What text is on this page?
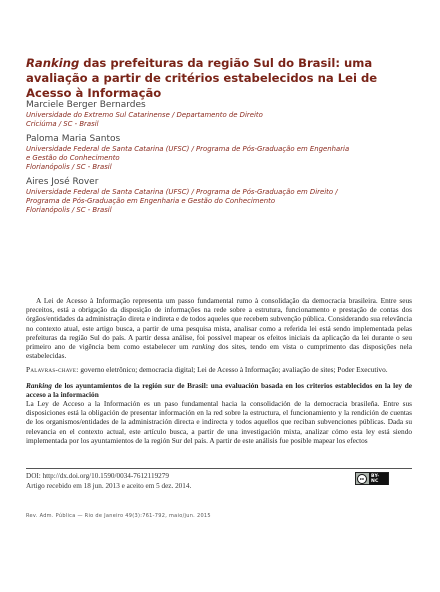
Ranking das prefeituras da região Sul do Brasil: uma avaliação a partir de critérios estabelecidos na Lei de Acesso à Informação
Marciele Berger Bernardes
Universidade do Extremo Sul Catarinense / Departamento de Direito
Criciúma / SC - Brasil
Paloma Maria Santos
Universidade Federal de Santa Catarina (UFSC) / Programa de Pós-Graduação em Engenharia
e Gestão do Conhecimento
Florianópolis / SC - Brasil
Aires José Rover
Universidade Federal de Santa Catarina (UFSC) / Programa de Pós-Graduação em Direito /
Programa de Pós-Graduação em Engenharia e Gestão do Conhecimento
Florianópolis / SC - Brasil

A Lei de Acesso à Informação representa um passo fundamental rumo à consolidação da democracia brasileira. Entre seus preceitos, está a obrigação da disposição de informações na rede sobre a estrutura, funcionamento e prestação de contas dos órgãos/entidades da administração direta e indireta e de todos aqueles que recebem subvenção pública. Considerando sua relevância no contexto atual, este artigo busca, a partir de uma pesquisa mista, analisar como a referida lei está sendo implementada pelas prefeituras da região Sul do país. A partir dessa análise, foi possível mapear os efeitos iniciais da aplicação da lei durante o seu primeiro ano de vigência bem como estabelecer um ranking dos sites, tendo em vista o cumprimento das disposições nela estabelecidas.

Palavras-chave: governo eletrônico; democracia digital; Lei de Acesso à Informação; avaliação de sites; Poder Executivo.

Ranking de los ayuntamientos de la región sur de Brasil: una evaluación basada en los criterios establecidos en la ley de acceso a la información

La Ley de Acceso a la Información es un paso fundamental hacia la consolidación de la democracia brasileña. Entre sus disposiciones está la obligación de presentar información en la red sobre la estructura, el funcionamiento y la rendición de cuentas de los organismos/entidades de la administración directa e indirecta y todos aquellos que reciban subvenciones públicas. Dada su relevancia en el contexto actual, este artículo busca, a partir de una investigación mixta, analizar cómo esta ley está siendo implementada por los ayuntamientos de la región Sur del país. A partir de este análisis fue posible mapear los efectos

DOI: http://dx.doi.org/10.1590/0034-7612119279
Artigo recebido em 18 jun. 2013 e aceito em 5 dez. 2014.
cc	BY-NC
Rev. Adm. Pública — Rio de Janeiro 49(3):761-792, maio/jun. 2015
